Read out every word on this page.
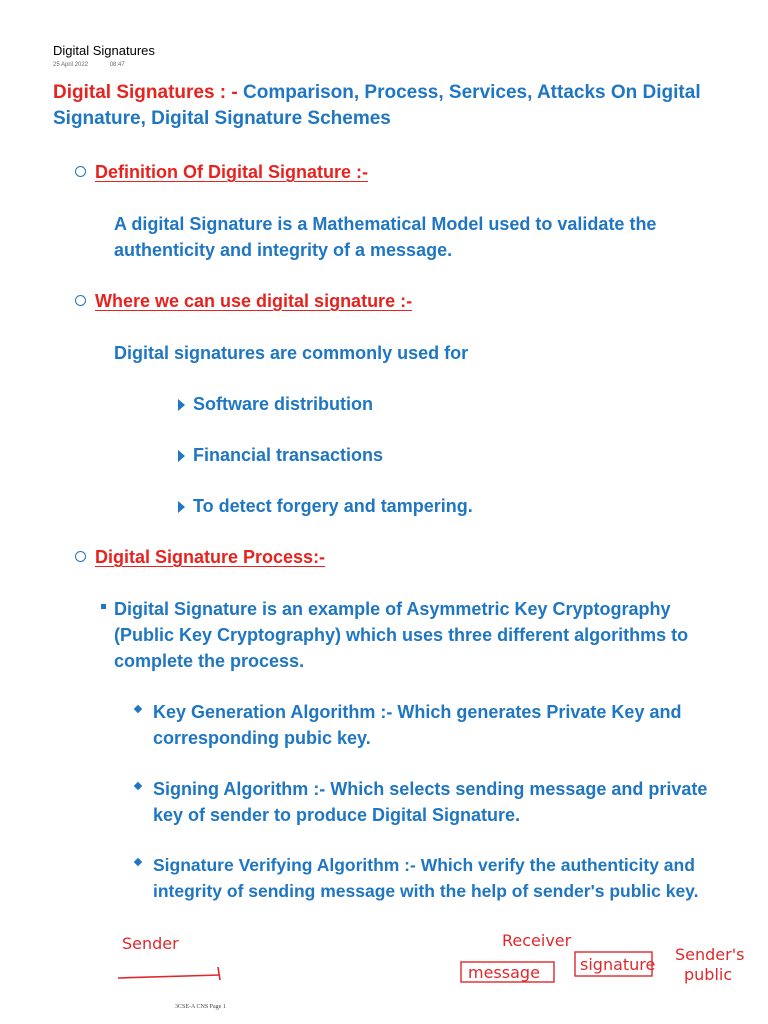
Digital Signatures
25 April 2022	08:47
Digital Signatures : - Comparison, Process, Services, Attacks On Digital
Signature, Digital Signature Schemes
Definition Of Digital Signature :-
A digital Signature is a Mathematical Model used to validate the
authenticity and integrity of a message.
Where we can use digital signature :-
Digital signatures are commonly used for
Software distribution
Financial transactions
To detect forgery and tampering.
Digital Signature Process:-
Digital Signature is an example of Asymmetric Key Cryptography
(Public Key Cryptography) which uses three different algorithms to
complete the process.
Key Generation Algorithm :- Which generates Private Key and
corresponding pubic key.
Signing Algorithm :- Which selects sending message and private
key of sender to produce Digital Signature.
Signature Verifying Algorithm :- Which verify the authenticity and
integrity of sending message with the help of sender's public key.
Sender	Receiver
message	signature
Sender's
public
3CSE-A CNS Page 1
